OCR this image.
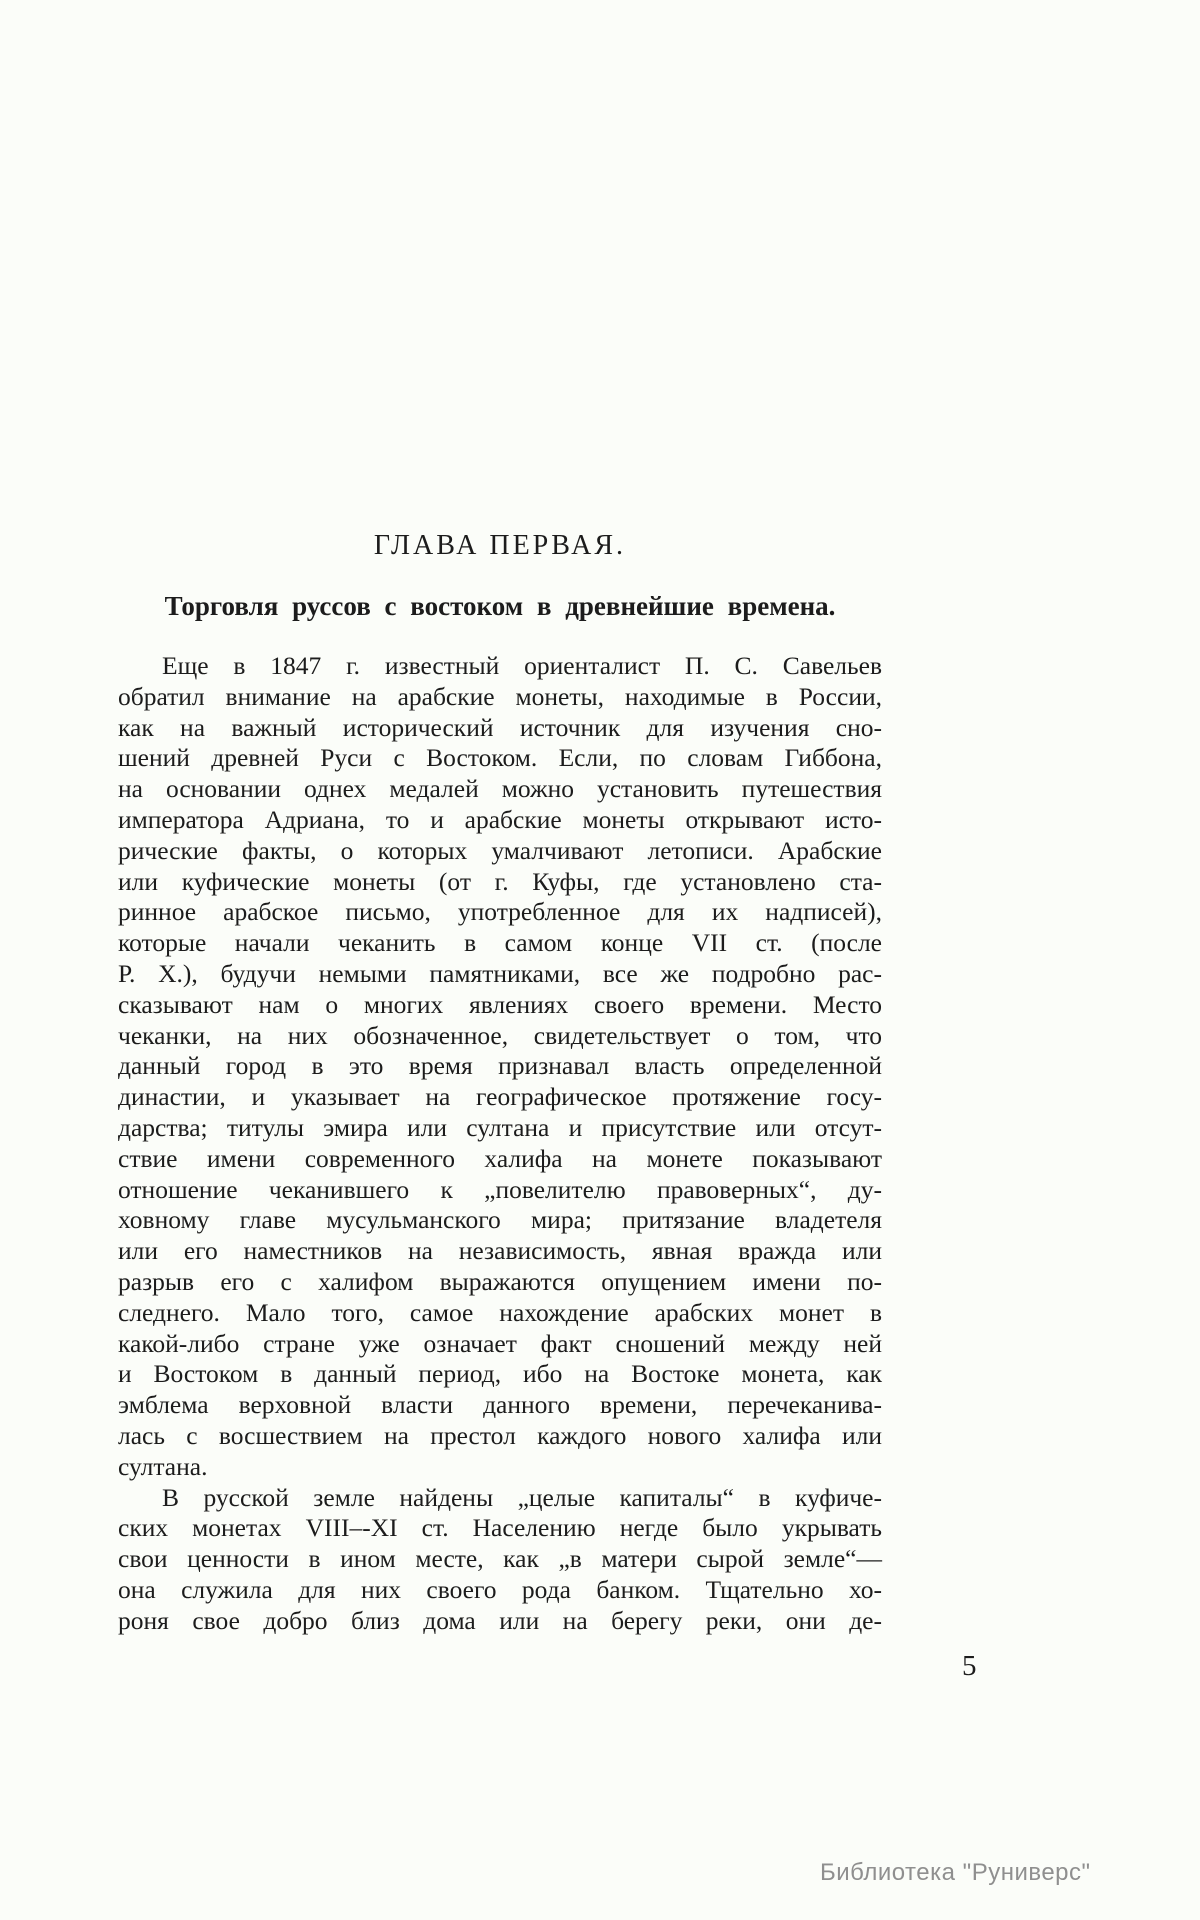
ГЛАВА ПЕРВАЯ.
Торговля руссов с востоком в древнейшие времена.
Еще в 1847 г. известный ориенталист П. С. Савельев
обратил внимание на арабские монеты, находимые в России,
как на важный исторический источник для изучения сно-
шений древней Руси с Востоком. Если, по словам Гиббона,
на основании однех медалей можно установить путешествия
императора Адриана, то и арабские монеты открывают исто-
рические факты, о которых умалчивают летописи. Арабские
или куфические монеты (от г. Куфы, где установлено ста-
ринное арабское письмо, употребленное для их надписей),
которые начали чеканить в самом конце VII ст. (после
Р. Х.), будучи немыми памятниками, все же подробно рас-
сказывают нам о многих явлениях своего времени. Место
чеканки, на них обозначенное, свидетельствует о том, что
данный город в это время признавал власть определенной
династии, и указывает на географическое протяжение госу-
дарства; титулы эмира или султана и присутствие или отсут-
ствие имени современного халифа на монете показывают
отношение чеканившего к „повелителю правоверных“, ду-
ховному главе мусульманского мира; притязание владетеля
или его наместников на независимость, явная вражда или
разрыв его с халифом выражаются опущением имени по-
следнего. Мало того, самое нахождение арабских монет в
какой-либо стране уже означает факт сношений между ней
и Востоком в данный период, ибо на Востоке монета, как
эмблема верховной власти данного времени, перечеканива-
лась с восшествием на престол каждого нового халифа или
султана.
В русской земле найдены „целые капиталы“ в куфиче-
ских монетах VIII–-XI ст. Населению негде было укрывать
свои ценности в ином месте, как „в матери сырой земле“—
она служила для них своего рода банком. Тщательно хо-
роня свое добро близ дома или на берегу реки, они де-
5
Библиотека "Руниверс"
